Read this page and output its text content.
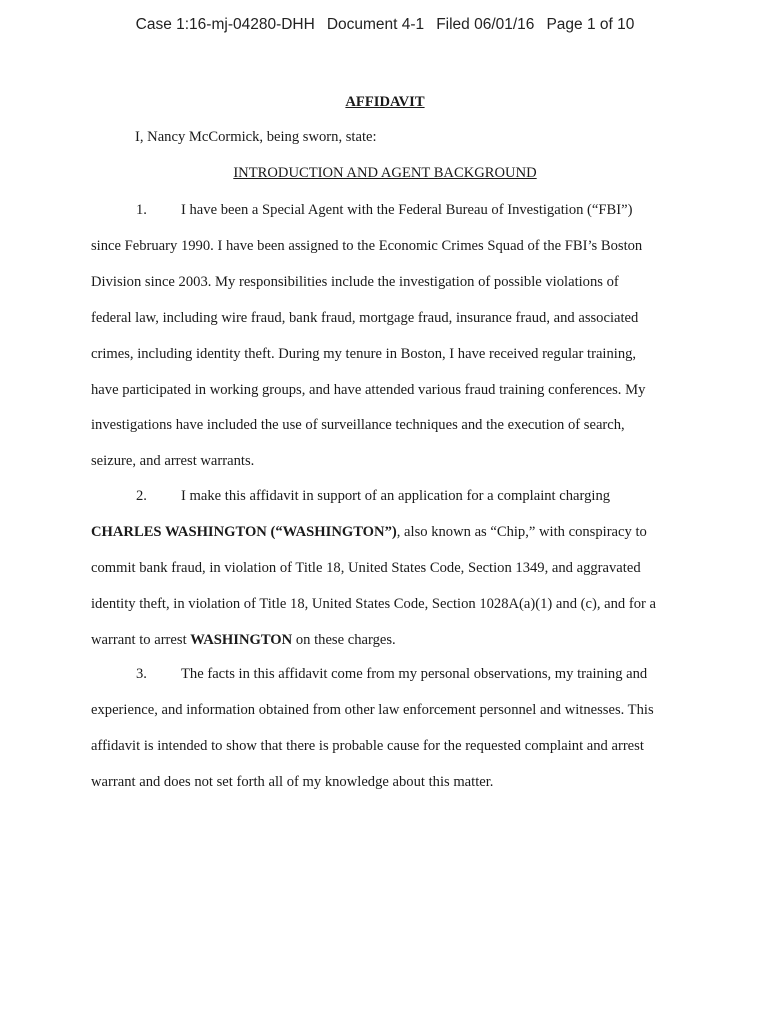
Case 1:16-mj-04280-DHH Document 4-1 Filed 06/01/16 Page 1 of 10
AFFIDAVIT
I, Nancy McCormick, being sworn, state:
INTRODUCTION AND AGENT BACKGROUND
1. I have been a Special Agent with the Federal Bureau of Investigation (“FBI”)
since February 1990. I have been assigned to the Economic Crimes Squad of the FBI’s Boston
Division since 2003. My responsibilities include the investigation of possible violations of
federal law, including wire fraud, bank fraud, mortgage fraud, insurance fraud, and associated
crimes, including identity theft. During my tenure in Boston, I have received regular training,
have participated in working groups, and have attended various fraud training conferences. My
investigations have included the use of surveillance techniques and the execution of search,
seizure, and arrest warrants.
2. I make this affidavit in support of an application for a complaint charging
CHARLES WASHINGTON (“WASHINGTON”), also known as “Chip,” with conspiracy to
commit bank fraud, in violation of Title 18, United States Code, Section 1349, and aggravated
identity theft, in violation of Title 18, United States Code, Section 1028A(a)(1) and (c), and for a
warrant to arrest WASHINGTON on these charges.
3. The facts in this affidavit come from my personal observations, my training and
experience, and information obtained from other law enforcement personnel and witnesses. This
affidavit is intended to show that there is probable cause for the requested complaint and arrest
warrant and does not set forth all of my knowledge about this matter.
